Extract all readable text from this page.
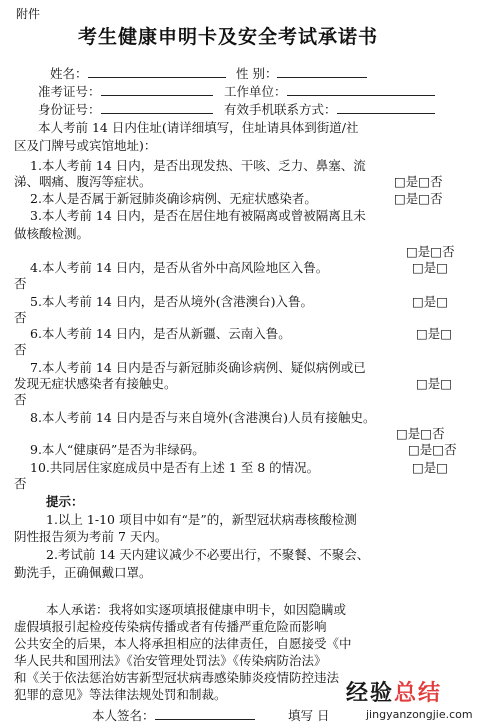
附件
考生健康申明卡及安全考试承诺书
姓名：	性 别：
准考证号：	工作单位：
身份证号：	有效手机联系方式：
本人考前 14 日内住址(请详细填写，住址请具体到街道/社
区及门牌号或宾馆地址)：
1.本人考前 14 日内，是否出现发热、干咳、乏力、鼻塞、流
涕、咽痛、腹泻等症状。	□是□否
2.本人是否属于新冠肺炎确诊病例、无症状感染者。	□是□否
3.本人考前 14 日内，是否在居住地有被隔离或曾被隔离且未
做核酸检测。
□是□否
4.本人考前 14 日内，是否从省外中高风险地区入鲁。	□是□
否
5.本人考前 14 日内，是否从境外(含港澳台)入鲁。	□是□
否
6.本人考前 14 日内，是否从新疆、云南入鲁。	□是□
否
7.本人考前 14 日内是否与新冠肺炎确诊病例、疑似病例或已
发现无症状感染者有接触史。	□是□
否
8.本人考前 14 日内是否与来自境外(含港澳台)人员有接触史。
□是□否
9.本人“健康码”是否为非绿码。	□是□否
10.共同居住家庭成员中是否有上述 1 至 8 的情况。	□是□
否
提示：
1.以上 1-10 项目中如有“是”的，新型冠状病毒核酸检测
阴性报告须为考前 7 天内。
2.考试前 14 天内建议减少不必要出行，不聚餐、不聚会、
勤洗手，正确佩戴口罩。
本人承诺：我将如实逐项填报健康申明卡，如因隐瞒或
虚假填报引起检疫传染病传播或者有传播严重危险而影响
公共安全的后果，本人将承担相应的法律责任，自愿接受《中
华人民共和国刑法》《治安管理处罚法》《传染病防治法》
和《关于依法惩治妨害新型冠状病毒感染肺炎疫情防控违法
犯罪的意见》等法律法规处罚和制裁。
本人签名：	填写 日
经验总结
jingyanzongjie.com
